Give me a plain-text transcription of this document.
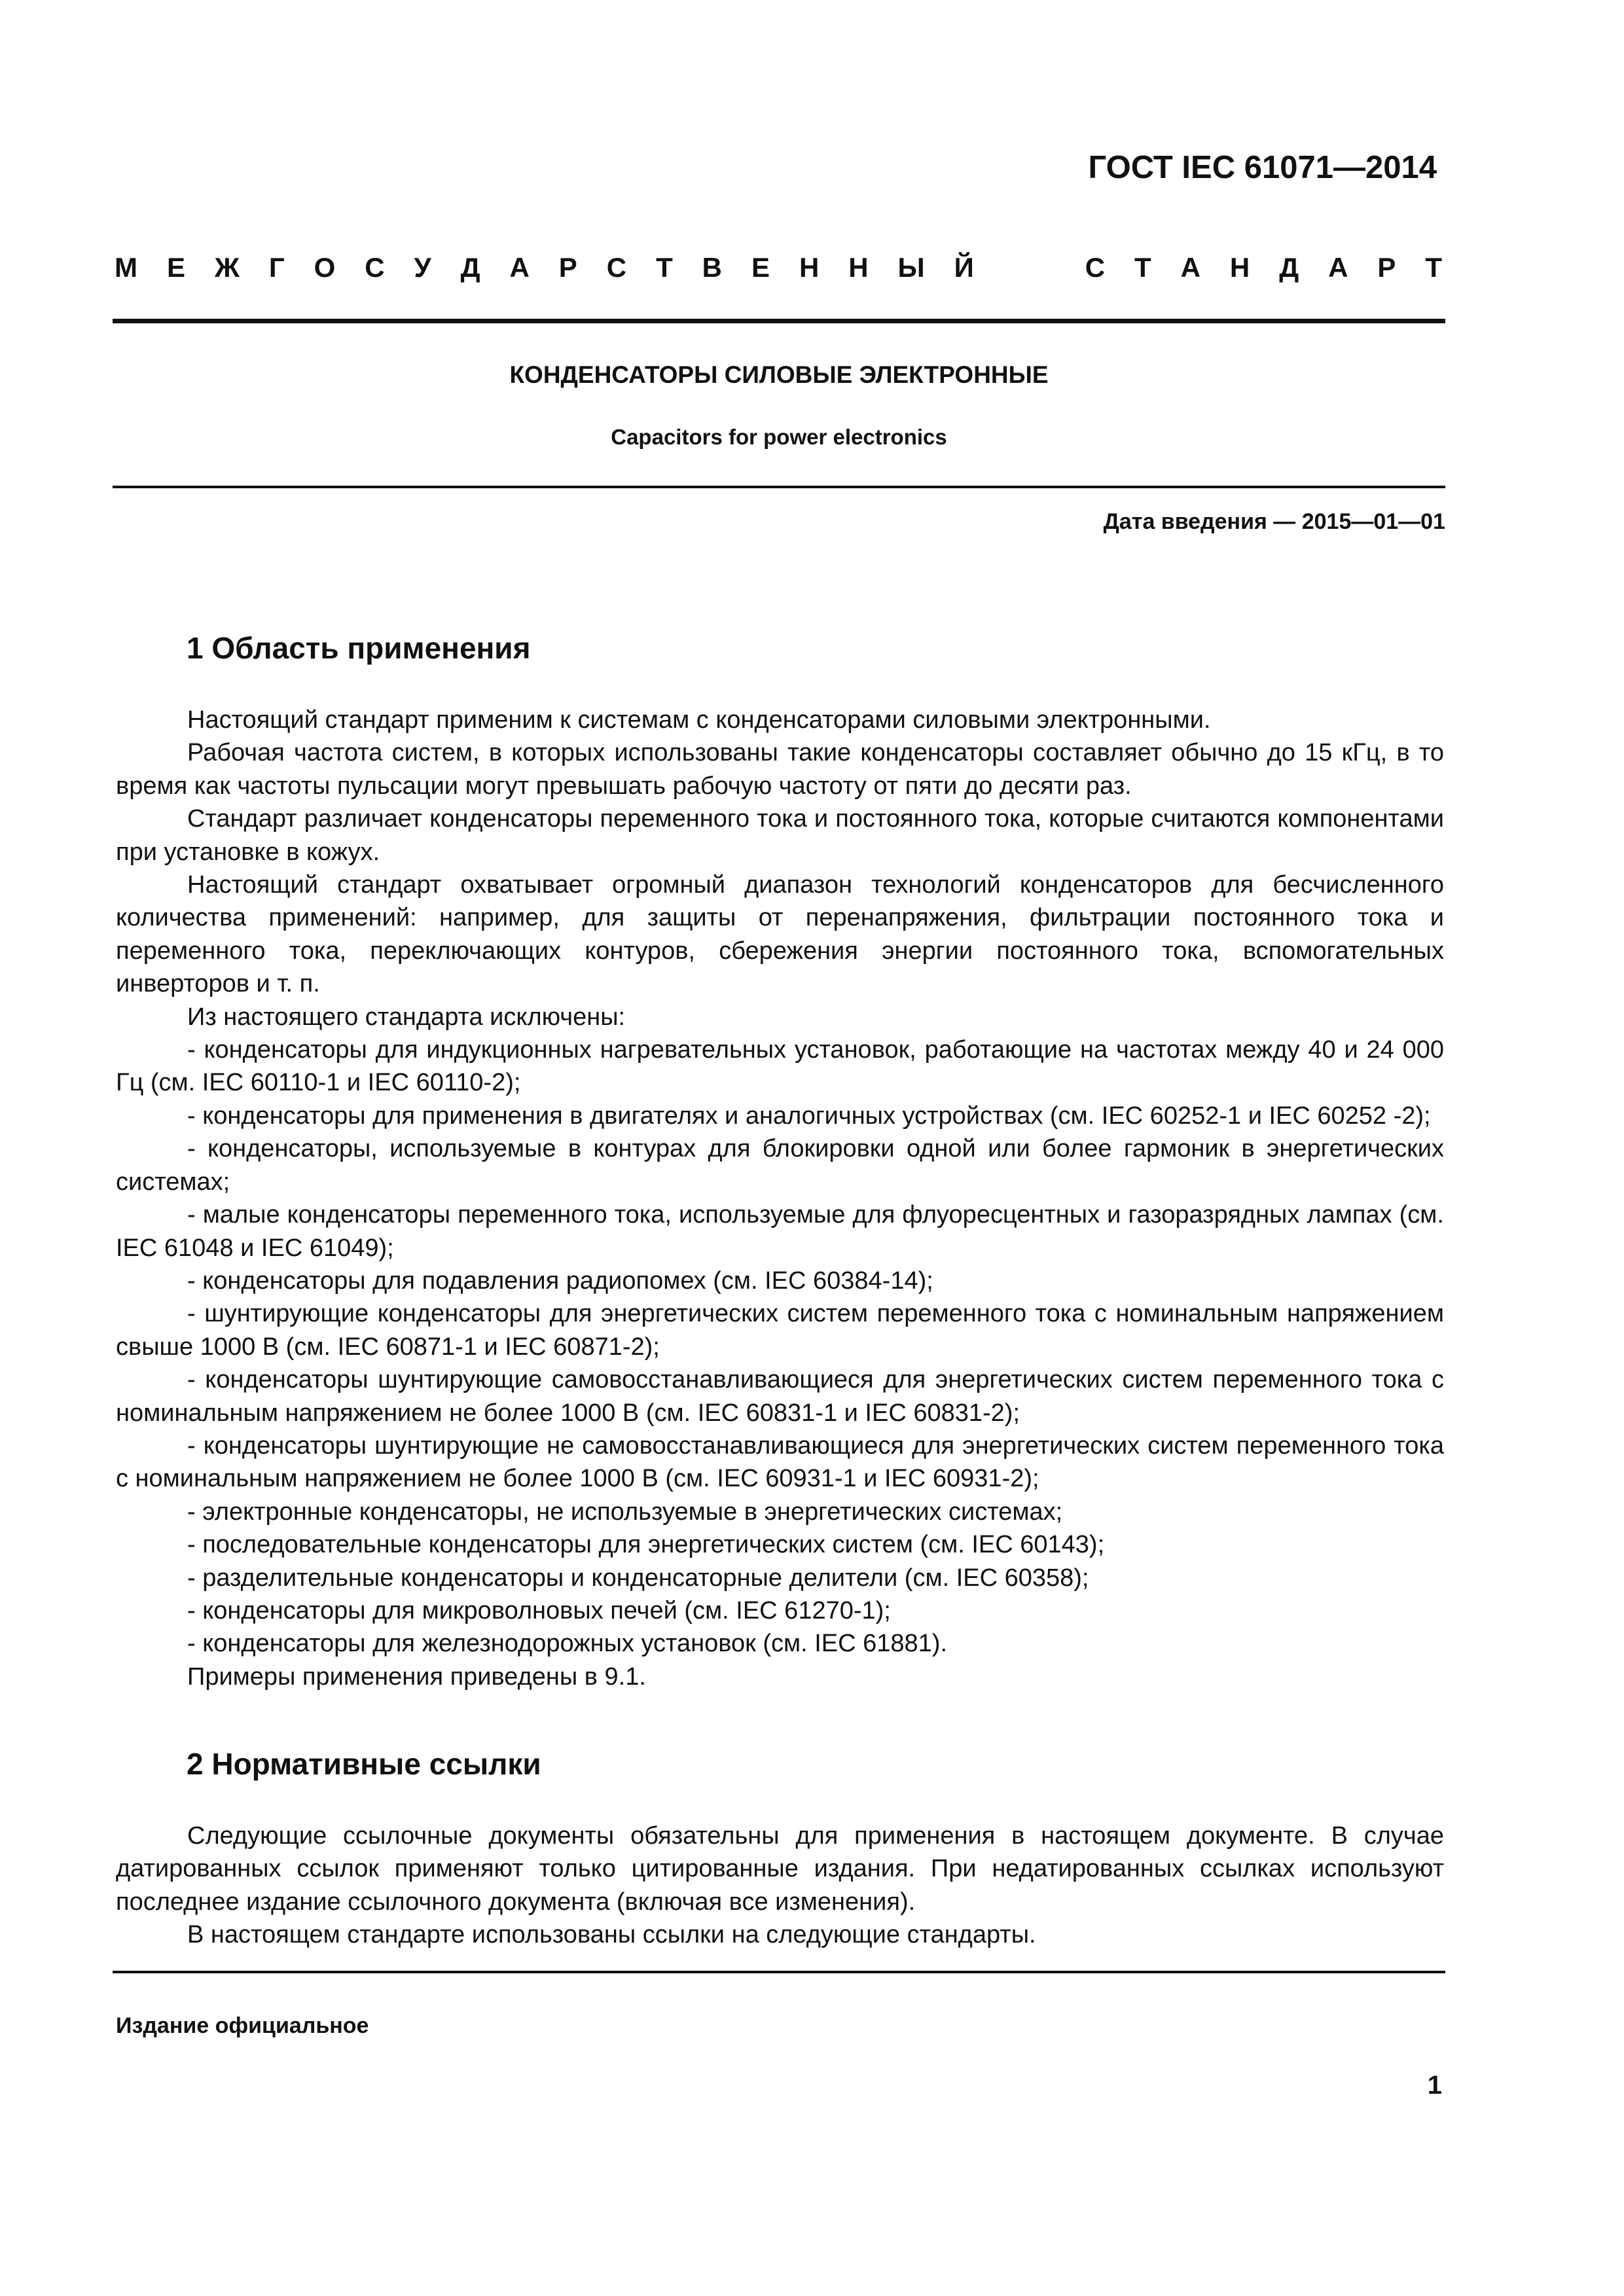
ГОСТ IEC 61071—2014
М Е Ж Г О С У Д А Р С Т В Е Н Н Ы Й	С Т А Н Д А Р Т
КОНДЕНСАТОРЫ СИЛОВЫЕ ЭЛЕКТРОННЫЕ
Capacitors for power electronics
Дата введения — 2015—01—01
1 Область применения

Настоящий стандарт применим к системам с конденсаторами силовыми электронными.

Рабочая частота систем, в которых использованы такие конденсаторы составляет обычно до 15 кГц, в то время как частоты пульсации могут превышать рабочую частоту от пяти до десяти раз.

Стандарт различает конденсаторы переменного тока и постоянного тока, которые считаются компонентами при установке в кожух.

Настоящий стандарт охватывает огромный диапазон технологий конденсаторов для бесчисленного количества применений: например, для защиты от перенапряжения, фильтрации постоянного тока и переменного тока, переключающих контуров, сбережения энергии постоянного тока, вспомогательных инверторов и т. п.

Из настоящего стандарта исключены:

- конденсаторы для индукционных нагревательных установок, работающие на частотах между 40 и 24 000 Гц (см. IEC 60110-1 и IEC 60110-2);

- конденсаторы для применения в двигателях и аналогичных устройствах (см. IEC 60252-1 и IEC 60252 -2);

- конденсаторы, используемые в контурах для блокировки одной или более гармоник в энергетических системах;

- малые конденсаторы переменного тока, используемые для флуоресцентных и газоразрядных лампах (см. IEC 61048 и IEC 61049);

- конденсаторы для подавления радиопомех (см. IEC 60384-14);

- шунтирующие конденсаторы для энергетических систем переменного тока с номинальным напряжением свыше 1000 В (см. IEC 60871-1 и IEC 60871-2);

- конденсаторы шунтирующие самовосстанавливающиеся для энергетических систем переменного тока с номинальным напряжением не более 1000 В (см. IEC 60831-1 и IEC 60831-2);

- конденсаторы шунтирующие не самовосстанавливающиеся для энергетических систем переменного тока с номинальным напряжением не более 1000 В (см. IEC 60931-1 и IEC 60931-2);

- электронные конденсаторы, не используемые в энергетических системах;

- последовательные конденсаторы для энергетических систем (см. IEC 60143);

- разделительные конденсаторы и конденсаторные делители (см. IEC 60358);

- конденсаторы для микроволновых печей (см. IEC 61270-1);

- конденсаторы для железнодорожных установок (см. IEC 61881).

Примеры применения приведены в 9.1.

2 Нормативные ссылки

Следующие ссылочные документы обязательны для применения в настоящем документе. В случае датированных ссылок применяют только цитированные издания. При недатированных ссылках используют последнее издание ссылочного документа (включая все изменения).

В настоящем стандарте использованы ссылки на следующие стандарты.

Издание официальное
1
